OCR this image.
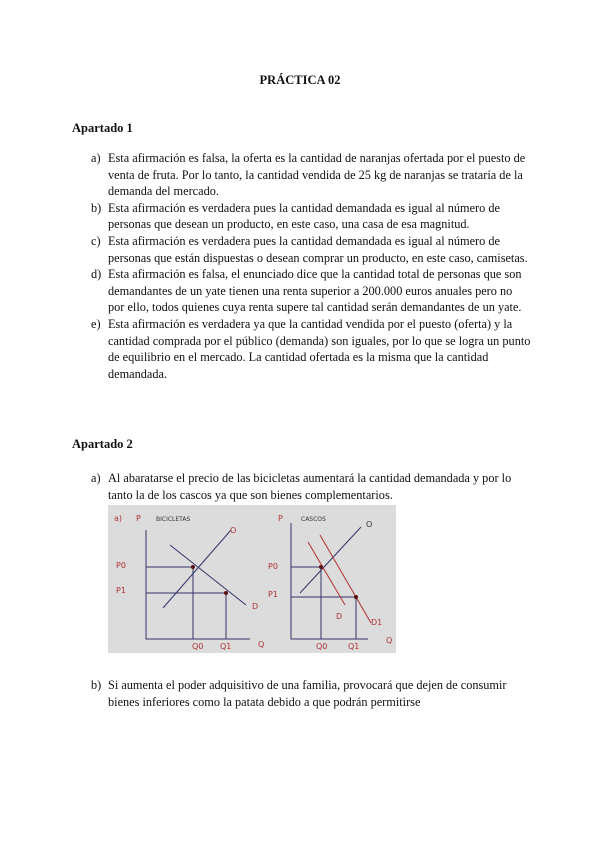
PRÁCTICA 02
Apartado 1
a) Esta afirmación es falsa, la oferta es la cantidad de naranjas ofertada por el puesto de venta de fruta. Por lo tanto, la cantidad vendida de 25 kg de naranjas se trataría de la demanda del mercado.
b) Esta afirmación es verdadera pues la cantidad demandada es igual al número de personas que desean un producto, en este caso, una casa de esa magnitud.
c) Esta afirmación es verdadera pues la cantidad demandada es igual al número de personas que están dispuestas o desean comprar un producto, en este caso, camisetas.
d) Esta afirmación es falsa, el enunciado dice que la cantidad total de personas que son demandantes de un yate tienen una renta superior a 200.000 euros anuales pero no por ello, todos quienes cuya renta supere tal cantidad serán demandantes de un yate.
e) Esta afirmación es verdadera ya que la cantidad vendida por el puesto (oferta) y la cantidad comprada por el público (demanda) son iguales, por lo que se logra un punto de equilibrio en el mercado. La cantidad ofertada es la misma que la cantidad demandada.
Apartado 2
a) Al abaratarse el precio de las bicicletas aumentará la cantidad demandada y por lo tanto la de los cascos ya que son bienes complementarios.
a) P
O
D
P0
P1
Q0 Q1	Q
P
P0
P1
D
D1
Q0	Q1
Q
BICICLETAS	CASCOS
O
b) Si aumenta el poder adquisitivo de una familia, provocará que dejen de consumir bienes inferiores como la patata debido a que podrán permitirse
